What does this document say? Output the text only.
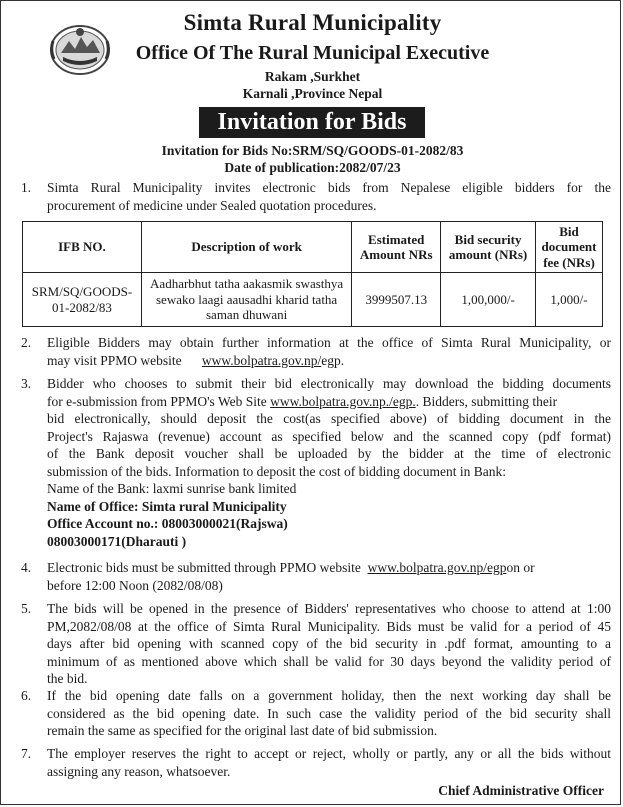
Simta Rural Municipality
Office Of The Rural Municipal Executive
Rakam ,Surkhet
Karnali ,Province Nepal
Invitation for Bids
Invitation for Bids No:SRM/SQ/GOODS-01-2082/83
Date of publication:2082/07/23
1.	Simta Rural Municipality invites electronic bids from Nepalese eligible bidders for the
procurement of medicine under Sealed quotation procedures.
IFB NO.	Description of work	Estimated Amount NRs	Bid security amount (NRs)	Bid document fee (NRs)
SRM/SQ/GOODS-01-2082/83	Aadharbhut tatha aakasmik swasthya sewako laagi aausadhi kharid tatha saman dhuwani	3999507.13	1,00,000/-	1,000/-
2.	Eligible Bidders may obtain further information at the office of Simta Rural Municipality, or
may visit PPMO website www.bolpatra.gov.np/egp.
3.	Bidder who chooses to submit their bid electronically may download the bidding documents
for e-submission from PPMO's Web Site www.bolpatra.gov.np./egp.. Bidders, submitting their
bid electronically, should deposit the cost(as specified above) of bidding document in the
Project's Rajaswa (revenue) account as specified below and the scanned copy (pdf format)
of the Bank deposit voucher shall be uploaded by the bidder at the time of electronic
submission of the bids. Information to deposit the cost of bidding document in Bank:
Name of the Bank: laxmi sunrise bank limited
Name of Office: Simta rural Municipality
Office Account no.: 08003000021(Rajswa)
08003000171(Dharauti )
4.	Electronic bids must be submitted through PPMO website www.bolpatra.gov.np/egpon or
before 12:00 Noon (2082/08/08)
5.	The bids will be opened in the presence of Bidders' representatives who choose to attend at 1:00
PM,2082/08/08 at the office of Simta Rural Municipality. Bids must be valid for a period of 45
days after bid opening with scanned copy of the bid security in .pdf format, amounting to a
minimum of as mentioned above which shall be valid for 30 days beyond the validity period of
the bid.
6.	If the bid opening date falls on a government holiday, then the next working day shall be
considered as the bid opening date. In such case the validity period of the bid security shall
remain the same as specified for the original last date of bid submission.
7.	The employer reserves the right to accept or reject, wholly or partly, any or all the bids without
assigning any reason, whatsoever.
Chief Administrative Officer
